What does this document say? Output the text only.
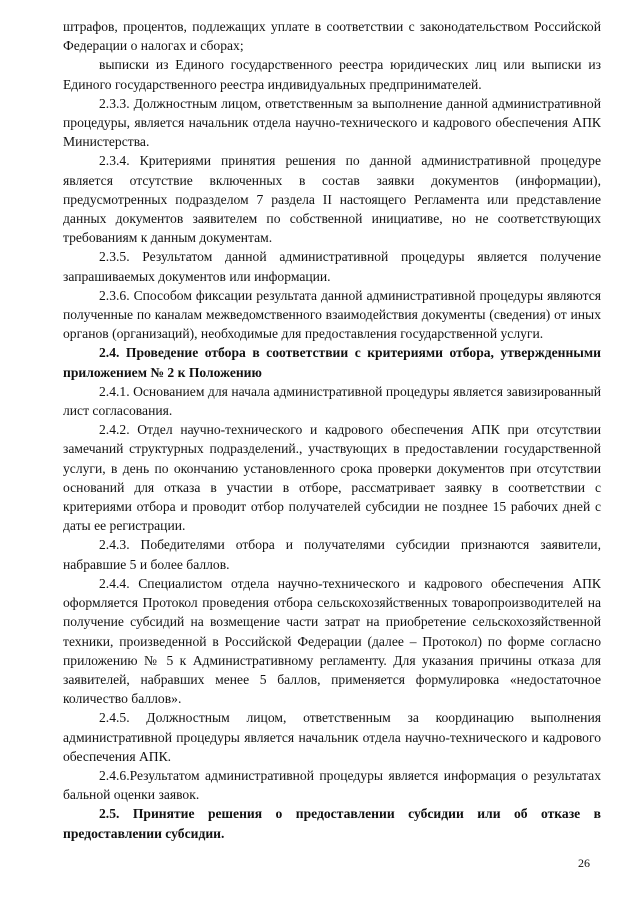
штрафов, процентов, подлежащих уплате в соответствии с законодательством Российской Федерации о налогах и сборах;

выписки из Единого государственного реестра юридических лиц или выписки из Единого государственного реестра индивидуальных предпринимателей.

2.3.3. Должностным лицом, ответственным за выполнение данной административной процедуры, является начальник отдела научно-технического и кадрового обеспечения АПК Министерства.

2.3.4. Критериями принятия решения по данной административной процедуре является отсутствие включенных в состав заявки документов (информации), предусмотренных подразделом 7 раздела II настоящего Регламента или представление данных документов заявителем по собственной инициативе, но не соответствующих требованиям к данным документам.

2.3.5. Результатом данной административной процедуры является получение запрашиваемых документов или информации.

2.3.6. Способом фиксации результата данной административной процедуры являются полученные по каналам межведомственного взаимодействия документы (сведения) от иных органов (организаций), необходимые для предоставления государственной услуги.

2.4. Проведение отбора в соответствии с критериями отбора, утвержденными приложением № 2 к Положению

2.4.1. Основанием для начала административной процедуры является завизированный лист согласования.

2.4.2. Отдел научно-технического и кадрового обеспечения АПК при отсутствии замечаний структурных подразделений., участвующих в предоставлении государственной услуги, в день по окончанию установленного срока проверки документов при отсутствии оснований для отказа в участии в отборе, рассматривает заявку в соответствии с критериями отбора и проводит отбор получателей субсидии не позднее 15 рабочих дней с даты ее регистрации.

2.4.3. Победителями отбора и получателями субсидии признаются заявители, набравшие 5 и более баллов.

2.4.4. Специалистом отдела научно-технического и кадрового обеспечения АПК оформляется Протокол проведения отбора сельскохозяйственных товаропроизводителей на получение субсидий на возмещение части затрат на приобретение сельскохозяйственной техники, произведенной в Российской Федерации (далее – Протокол) по форме согласно приложению № 5 к Административному регламенту. Для указания причины отказа для заявителей, набравших менее 5 баллов, применяется формулировка «недостаточное количество баллов».

2.4.5. Должностным лицом, ответственным за координацию выполнения административной процедуры является начальник отдела научно-технического и кадрового обеспечения АПК.

2.4.6.Результатом административной процедуры является информация о результатах бальной оценки заявок.

2.5. Принятие решения о предоставлении субсидии или об отказе в предоставлении субсидии.

26
